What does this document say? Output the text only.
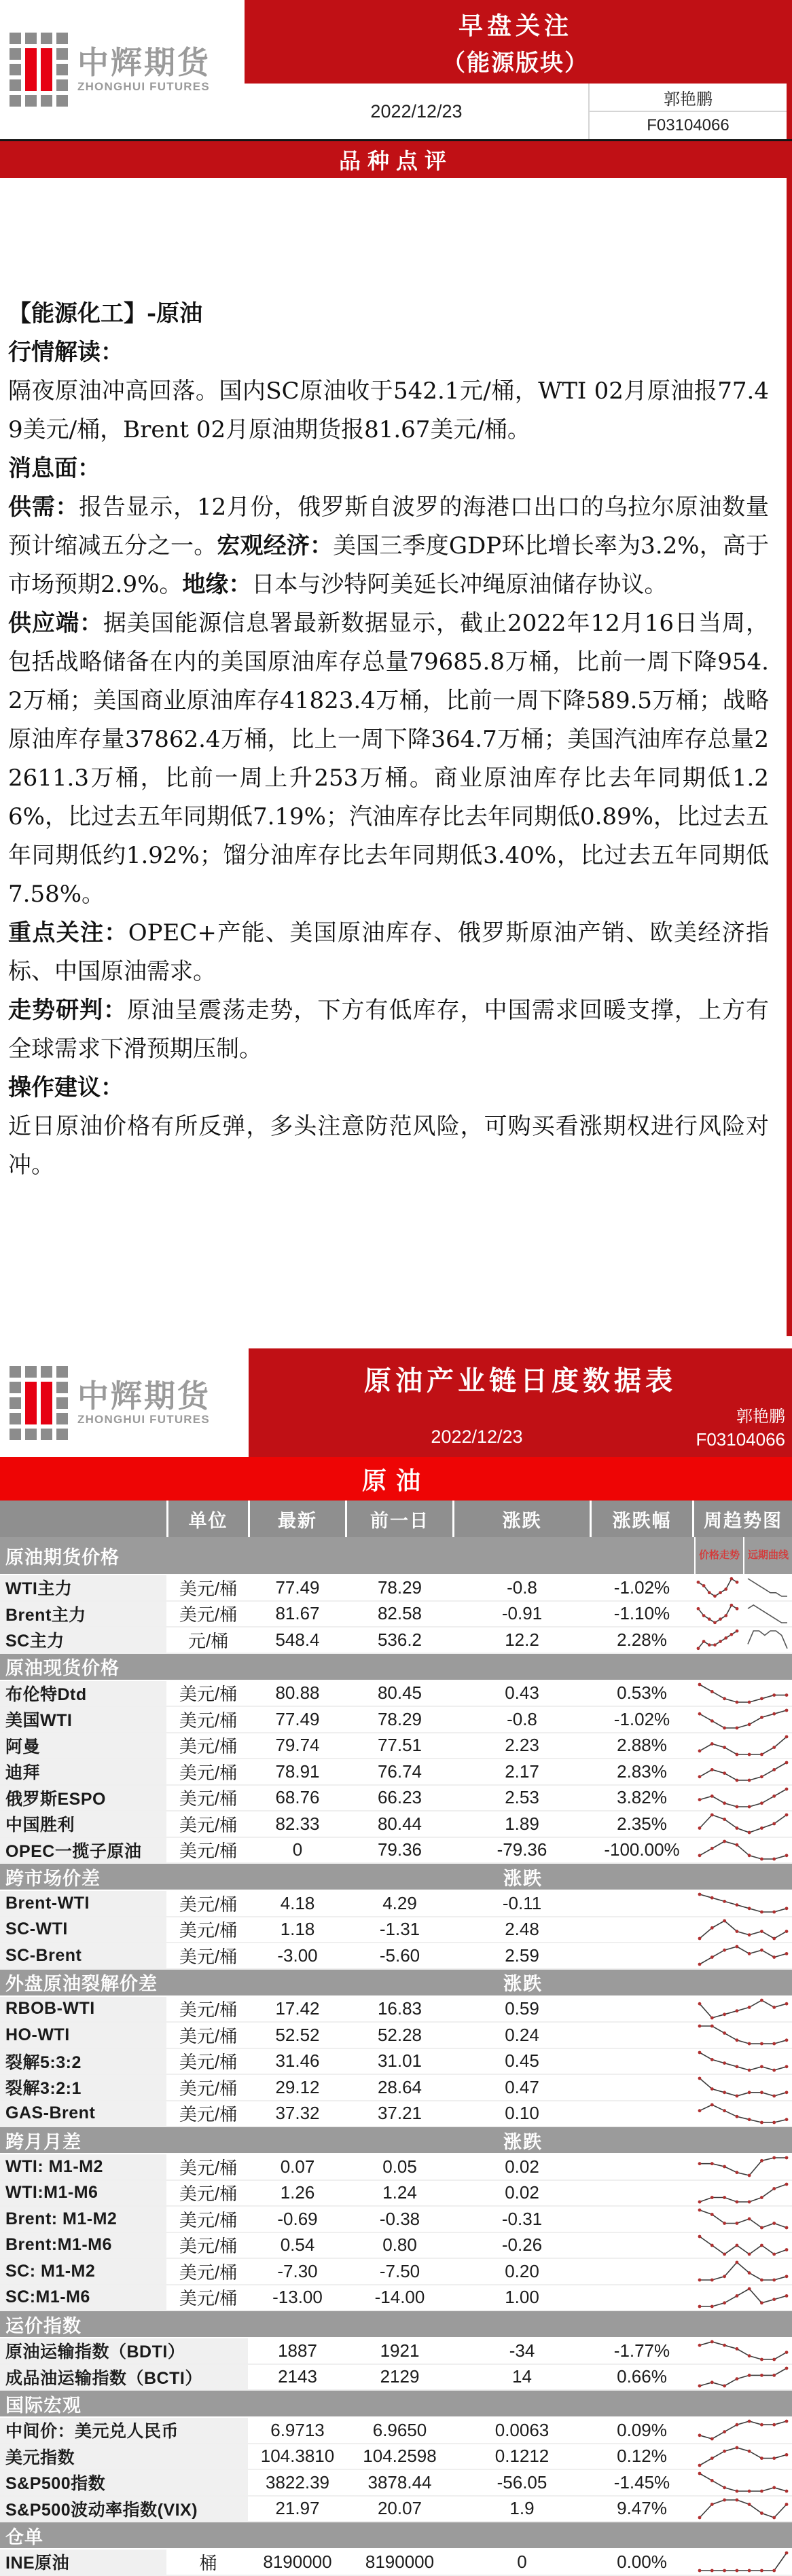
中辉期货
ZHONGHUI FUTURES
早盘关注
（能源版块）
2022/12/23
郭艳鹏
F03104066
品种点评

【能源化工】-原油

行情解读：

隔夜原油冲高回落。国内SC原油收于542.1元/桶，WTI 02月原油报77.49美元/桶，Brent 02月原油期货报81.67美元/桶。

消息面：

供需：报告显示，12月份，俄罗斯自波罗的海港口出口的乌拉尔原油数量预计缩减五分之一。宏观经济：美国三季度GDP环比增长率为3.2%，高于市场预期2.9%。地缘：日本与沙特阿美延长冲绳原油储存协议。

供应端：据美国能源信息署最新数据显示，截止2022年12月16日当周，包括战略储备在内的美国原油库存总量79685.8万桶，比前一周下降954.2万桶；美国商业原油库存41823.4万桶，比前一周下降589.5万桶；战略原油库存量37862.4万桶，比上一周下降364.7万桶；美国汽油库存总量22611.3万桶，比前一周上升253万桶。商业原油库存比去年同期低1.26%，比过去五年同期低7.19%；汽油库存比去年同期低0.89%，比过去五年同期低约1.92%；馏分油库存比去年同期低3.40%，比过去五年同期低7.58%。

重点关注：OPEC+产能、美国原油库存、俄罗斯原油产销、欧美经济指标、中国原油需求。

走势研判：原油呈震荡走势，下方有低库存，中国需求回暖支撑，上方有全球需求下滑预期压制。

操作建议：

近日原油价格有所反弹，多头注意防范风险，可购买看涨期权进行风险对冲。

中辉期货
ZHONGHUI FUTURES
原油产业链日度数据表
2022/12/23
郭艳鹏
F03104066
原油
单位	最新	前一日	涨跌	涨跌幅	周趋势图
原油期货价格	价格走势 远期曲线
WTI主力	美元/桶	77.49	78.29	-0.8	-1.02%
Brent主力	美元/桶	81.67	82.58	-0.91	-1.10%
SC主力	元/桶	548.4	536.2	12.2	2.28%
原油现货价格
布伦特Dtd	美元/桶	80.88	80.45	0.43	0.53%
美国WTI	美元/桶	77.49	78.29	-0.8	-1.02%
阿曼	美元/桶	79.74	77.51	2.23	2.88%
迪拜	美元/桶	78.91	76.74	2.17	2.83%
俄罗斯ESPO	美元/桶	68.76	66.23	2.53	3.82%
中国胜利	美元/桶	82.33	80.44	1.89	2.35%
OPEC一揽子原油	美元/桶	0	79.36	-79.36	-100.00%
跨市场价差	涨跌
Brent-WTI	美元/桶	4.18	4.29	-0.11
SC-WTI	美元/桶	1.18	-1.31	2.48
SC-Brent	美元/桶	-3.00	-5.60	2.59
外盘原油裂解价差	涨跌
RBOB-WTI	美元/桶	17.42	16.83	0.59
HO-WTI	美元/桶	52.52	52.28	0.24
裂解5:3:2	美元/桶	31.46	31.01	0.45
裂解3:2:1	美元/桶	29.12	28.64	0.47
GAS-Brent	美元/桶	37.32	37.21	0.10
跨月月差	涨跌
WTI: M1-M2	美元/桶	0.07	0.05	0.02
WTI:M1-M6	美元/桶	1.26	1.24	0.02
Brent: M1-M2	美元/桶	-0.69	-0.38	-0.31
Brent:M1-M6	美元/桶	0.54	0.80	-0.26
SC: M1-M2	美元/桶	-7.30	-7.50	0.20
SC:M1-M6	美元/桶	-13.00	-14.00	1.00
运价指数
原油运输指数（BDTI）	1887	1921	-34	-1.77%
成品油运输指数（BCTI）	2143	2129	14	0.66%
国际宏观
中间价：美元兑人民币	6.9713	6.9650	0.0063	0.09%
美元指数	104.3810	104.2598	0.1212	0.12%
S&P500指数	3822.39	3878.44	-56.05	-1.45%
S&P500波动率指数(VIX)	21.97	20.07	1.9	9.47%
仓单
INE原油	桶	8190000	8190000	0	0.00%
